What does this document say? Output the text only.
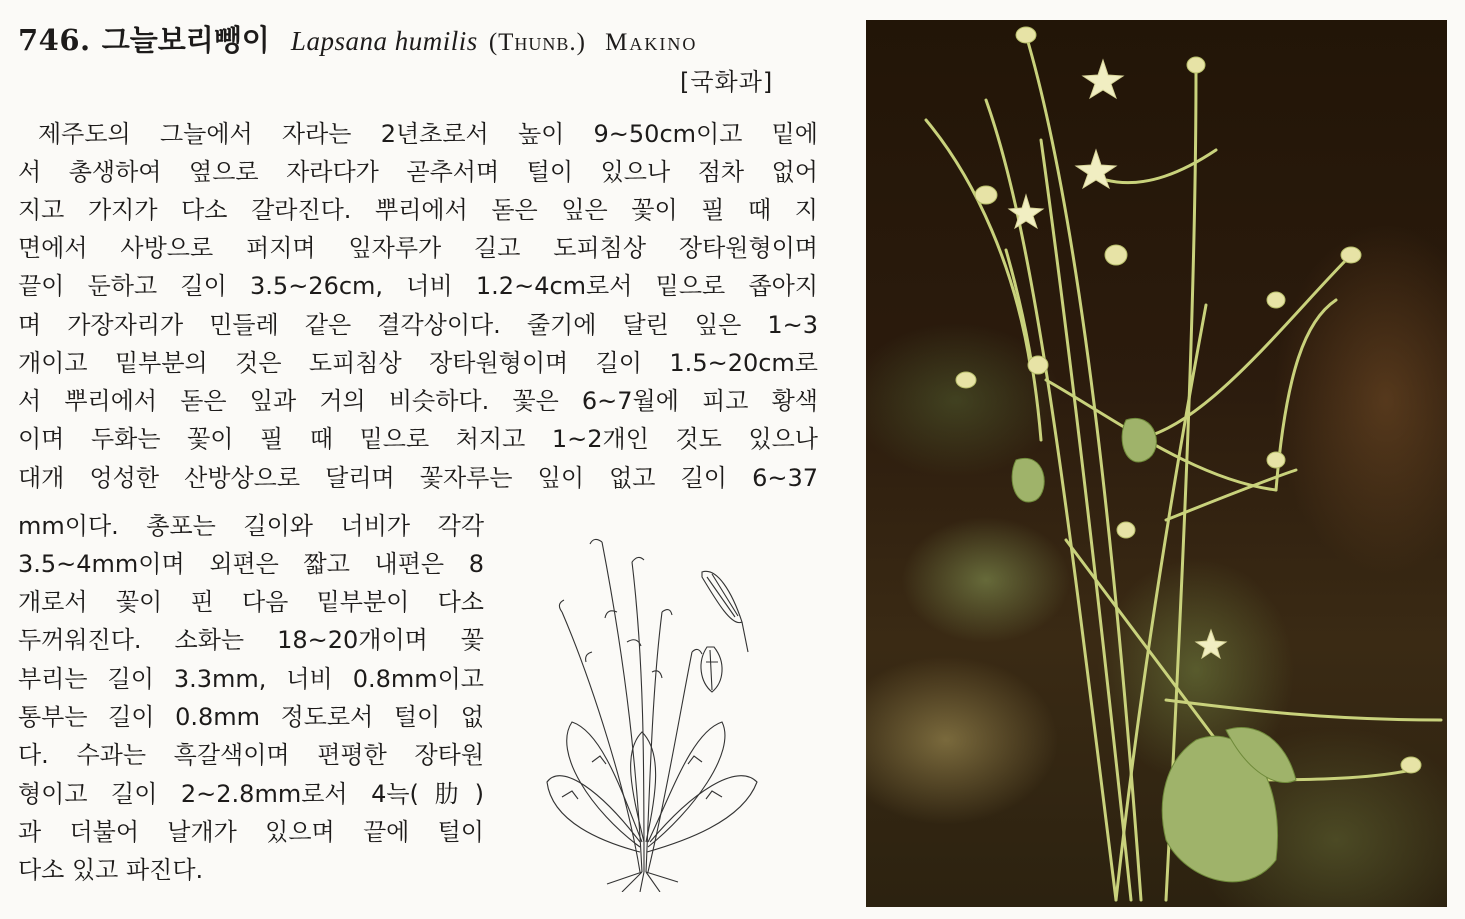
746. 그늘보리뺑이 Lapsana humilis (Thunb.) Makino
[국화과]
제주도의 그늘에서 자라는 2년초로서 높이 9~50cm이고 밑에
서 총생하여 옆으로 자라다가 곧추서며 털이 있으나 점차 없어
지고 가지가 다소 갈라진다. 뿌리에서 돋은 잎은 꽃이 필 때 지
면에서 사방으로 퍼지며 잎자루가 길고 도피침상 장타원형이며
끝이 둔하고 길이 3.5~26cm, 너비 1.2~4cm로서 밑으로 좁아지
며 가장자리가 민들레 같은 결각상이다. 줄기에 달린 잎은 1~3
개이고 밑부분의 것은 도피침상 장타원형이며 길이 1.5~20cm로
서 뿌리에서 돋은 잎과 거의 비슷하다. 꽃은 6~7월에 피고 황색
이며 두화는 꽃이 필 때 밑으로 처지고 1~2개인 것도 있으나
대개 엉성한 산방상으로 달리며 꽃자루는 잎이 없고 길이 6~37
mm이다. 총포는 길이와 너비가 각각
3.5~4mm이며 외편은 짧고 내편은 8
개로서 꽃이 핀 다음 밑부분이 다소
두꺼워진다. 소화는 18~20개이며 꽃
부리는 길이 3.3mm, 너비 0.8mm이고
통부는 길이 0.8mm 정도로서 털이 없
다. 수과는 흑갈색이며 편평한 장타원
형이고 길이 2~2.8mm로서 4늑(肋)
과 더불어 날개가 있으며 끝에 털이
다소 있고 파진다.
